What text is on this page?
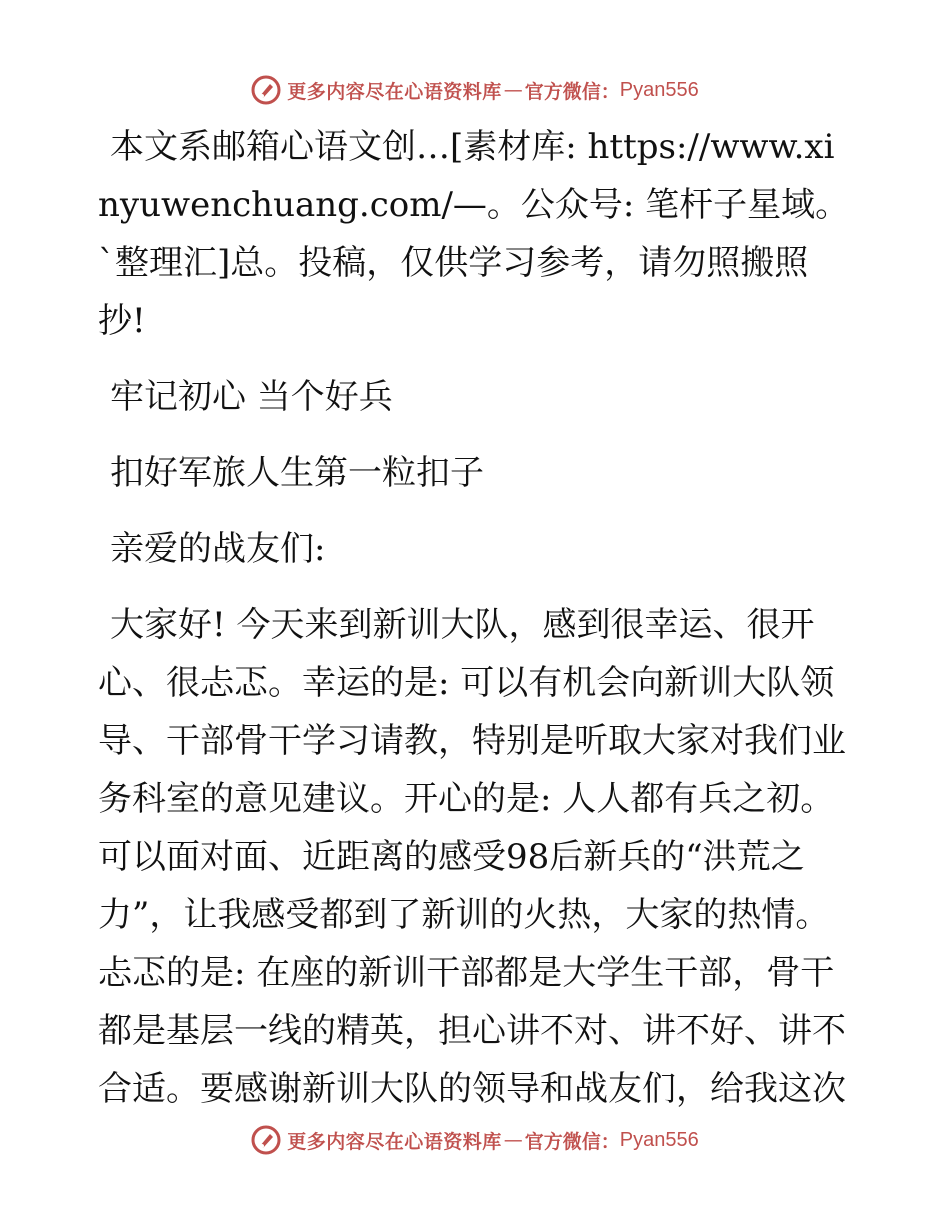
更多内容尽在心语资料库 — 官方微信： Pyan556

本文系邮箱心语文创…[素材库: https://www.xinyuwenchuang.com/—。公众号: 笔杆子星域。`整理汇]总。投稿，仅供学习参考，请勿照搬照抄!

牢记初心 当个好兵

扣好军旅人生第一粒扣子

亲爱的战友们:

大家好! 今天来到新训大队，感到很幸运、很开心、很忐忑。幸运的是: 可以有机会向新训大队领导、干部骨干学习请教，特别是听取大家对我们业务科室的意见建议。开心的是: 人人都有兵之初。可以面对面、近距离的感受98后新兵的“洪荒之力”，让我感受都到了新训的火热，大家的热情。忐忑的是: 在座的新训干部都是大学生干部，骨干都是基层一线的精英，担心讲不对、讲不好、讲不合适。要感谢新训大队的领导和战友们，给我这次

更多内容尽在心语资料库 — 官方微信： Pyan556
